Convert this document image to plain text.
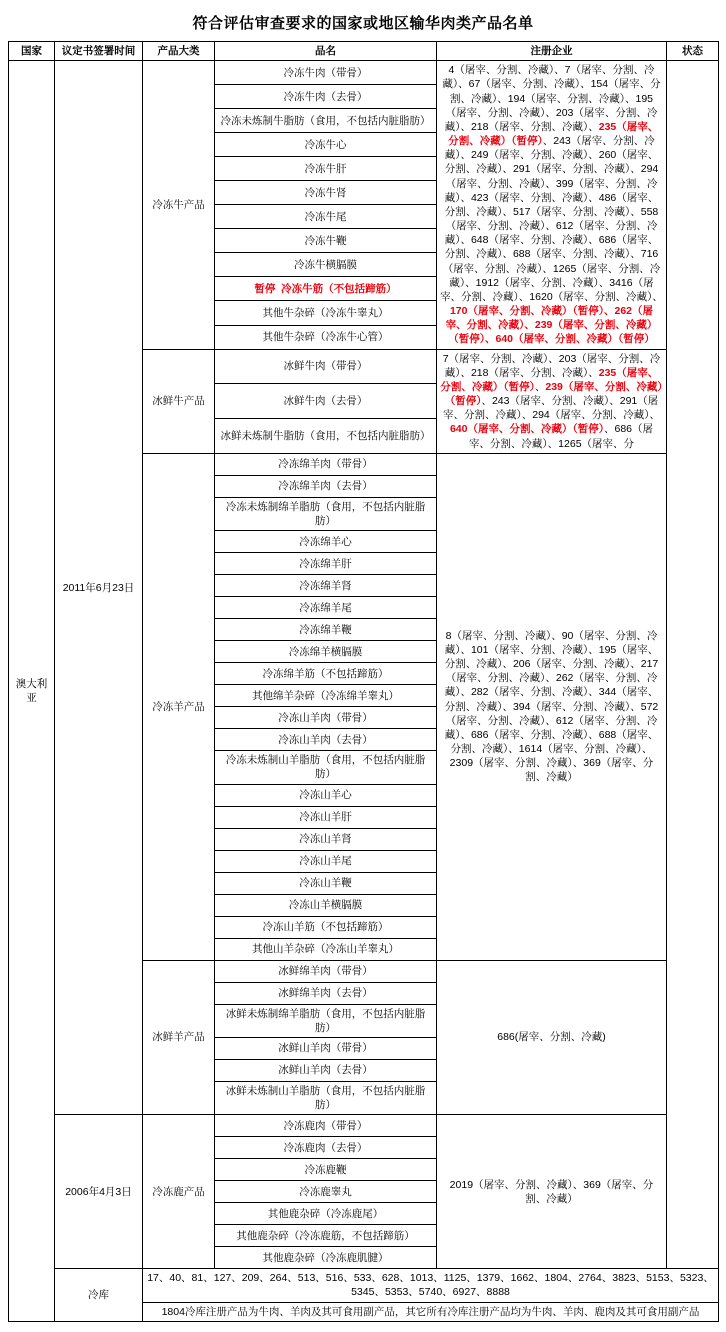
符合评估审查要求的国家或地区输华肉类产品名单
国家	议定书签署时间	产品大类	品名	注册企业	状态
澳大利亚	2011年6月23日	冷冻牛产品	冷冻牛肉（带骨）	4（屠宰、分割、冷藏）、7（屠宰、分割、冷藏）、67（屠宰、分割、冷藏）、154（屠宰、分割、冷藏）、194（屠宰、分割、冷藏）、195（屠宰、分割、冷藏）、203（屠宰、分割、冷藏）、218（屠宰、分割、冷藏）、235（屠宰、分割、冷藏）（暂停）、243（屠宰、分割、冷藏）、249（屠宰、分割、冷藏）、260（屠宰、分割、冷藏）、291（屠宰、分割、冷藏）、294（屠宰、分割、冷藏）、399（屠宰、分割、冷藏）、423（屠宰、分割、冷藏）、486（屠宰、分割、冷藏）、517（屠宰、分割、冷藏）、558（屠宰、分割、冷藏）、612（屠宰、分割、冷藏）、648（屠宰、分割、冷藏）、686（屠宰、分割、冷藏）、688（屠宰、分割、冷藏）、716（屠宰、分割、冷藏）、1265（屠宰、分割、冷藏）、1912（屠宰、分割、冷藏）、3416（屠宰、分割、冷藏）、1620（屠宰、分割、冷藏）、170（屠宰、分割、冷藏）（暂停）、262（屠宰、分割、冷藏）、239（屠宰、分割、冷藏）（暂停）、640（屠宰、分割、冷藏）（暂停）	
			冷冻牛肉（去骨）		
			冷冻未炼制牛脂肪（食用，不包括内脏脂肪）		
			冷冻牛心		
			冷冻牛肝		
			冷冻牛肾		
			冷冻牛尾		
			冷冻牛鞭		
			冷冻牛横膈膜		
			暂停  冷冻牛筋（不包括蹄筋）		
			其他牛杂碎（冷冻牛睾丸）		
			其他牛杂碎（冷冻牛心管）		
		冰鲜牛产品	冰鲜牛肉（带骨）	7（屠宰、分割、冷藏）、203（屠宰、分割、冷藏）、218（屠宰、分割、冷藏）、235（屠宰、分割、冷藏）（暂停）、239（屠宰、分割、冷藏）（暂停）、243（屠宰、分割、冷藏）、291（屠宰、分割、冷藏）、294（屠宰、分割、冷藏）、640（屠宰、分割、冷藏）（暂停）、686（屠宰、分割、冷藏）、1265（屠宰、分	
			冰鲜牛肉（去骨）		
			冰鲜未炼制牛脂肪（食用，不包括内脏脂肪）		
		冷冻羊产品	冷冻绵羊肉（带骨）	8（屠宰、分割、冷藏）、90（屠宰、分割、冷藏）、101（屠宰、分割、冷藏）、195（屠宰、分割、冷藏）、206（屠宰、分割、冷藏）、217（屠宰、分割、冷藏）、262（屠宰、分割、冷藏）、282（屠宰、分割、冷藏）、344（屠宰、分割、冷藏）、394（屠宰、分割、冷藏）、572（屠宰、分割、冷藏）、612（屠宰、分割、冷藏）、686（屠宰、分割、冷藏）、688（屠宰、分割、冷藏）、1614（屠宰、分割、冷藏）、2309（屠宰、分割、冷藏）、369（屠宰、分割、冷藏）	
			冷冻绵羊肉（去骨）		
			冷冻未炼制绵羊脂肪（食用，不包括内脏脂肪）		
			冷冻绵羊心		
			冷冻绵羊肝		
			冷冻绵羊肾		
			冷冻绵羊尾		
			冷冻绵羊鞭		
			冷冻绵羊横膈膜		
			冷冻绵羊筋（不包括蹄筋）		
			其他绵羊杂碎（冷冻绵羊睾丸）		
			冷冻山羊肉（带骨）		
			冷冻山羊肉（去骨）		
			冷冻未炼制山羊脂肪（食用，不包括内脏脂肪）		
			冷冻山羊心		
			冷冻山羊肝		
			冷冻山羊肾		
			冷冻山羊尾		
			冷冻山羊鞭		
			冷冻山羊横膈膜		
			冷冻山羊筋（不包括蹄筋）		
			其他山羊杂碎（冷冻山羊睾丸）		
		冰鲜羊产品	冰鲜绵羊肉（带骨）	686(屠宰、分割、冷藏)	
			冰鲜绵羊肉（去骨）		
			冰鲜未炼制绵羊脂肪（食用，不包括内脏脂肪）		
			冰鲜山羊肉（带骨）		
			冰鲜山羊肉（去骨）		
			冰鲜未炼制山羊脂肪（食用，不包括内脏脂肪）		
	2006年4月3日	冷冻鹿产品	冷冻鹿肉（带骨）	2019（屠宰、分割、冷藏）、369（屠宰、分割、冷藏）	
			冷冻鹿肉（去骨）		
			冷冻鹿鞭		
			冷冻鹿睾丸		
			其他鹿杂碎（冷冻鹿尾）		
			其他鹿杂碎（冷冻鹿筋，不包括蹄筋）		
			其他鹿杂碎（冷冻鹿肌腱）		
	冷库	17、40、81、127、209、264、513、516、533、628、1013、1125、1379、1662、1804、2764、3823、5153、5323、5345、5353、5740、6927、8888			
		1804冷库注册产品为牛肉、羊肉及其可食用副产品，其它所有冷库注册产品均为牛肉、羊肉、鹿肉及其可食用副产品			
